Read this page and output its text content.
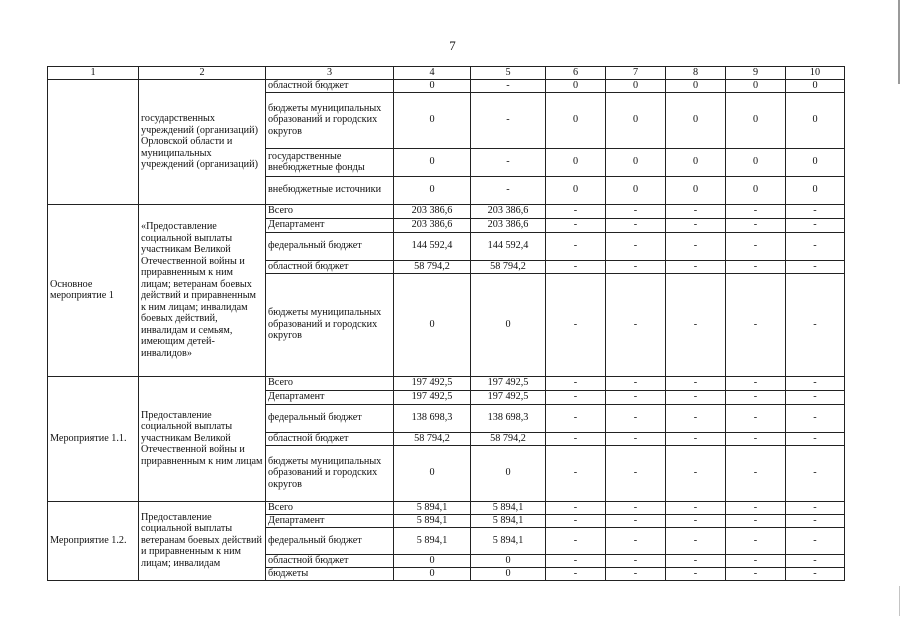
7
1	2	3	4	5	6	7	8	9	10
	государственных учреждений (организаций) Орловской области и муниципальных учреждений (организаций)	областной бюджет	0	-	0	0	0	0	0
		бюджеты муниципальных образований и городских округов	0	-	0	0	0	0	0
		государственные внебюджетные фонды	0	-	0	0	0	0	0
		внебюджетные источники	0	-	0	0	0	0	0
Основное мероприятие 1	«Предоставление социальной выплаты участникам Великой Отечественной войны и приравненным к ним лицам; ветеранам боевых действий и приравненным к ним лицам; инвалидам боевых действий, инвалидам и семьям, имеющим детей-инвалидов»	Всего	203 386,6	203 386,6	-	-	-	-	-
		Департамент	203 386,6	203 386,6	-	-	-	-	-
		федеральный бюджет	144 592,4	144 592,4	-	-	-	-	-
		областной бюджет	58 794,2	58 794,2	-	-	-	-	-
		бюджеты муниципальных образований и городских округов	0	0	-	-	-	-	-
Мероприятие 1.1.	Предоставление социальной выплаты участникам Великой Отечественной войны и приравненным к ним лицам	Всего	197 492,5	197 492,5	-	-	-	-	-
		Департамент	197 492,5	197 492,5	-	-	-	-	-
		федеральный бюджет	138 698,3	138 698,3	-	-	-	-	-
		областной бюджет	58 794,2	58 794,2	-	-	-	-	-
		бюджеты муниципальных образований и городских округов	0	0	-	-	-	-	-
Мероприятие 1.2.	Предоставление социальной выплаты ветеранам боевых действий и приравненным к ним лицам; инвалидам	Всего	5 894,1	5 894,1	-	-	-	-	-
		Департамент	5 894,1	5 894,1	-	-	-	-	-
		федеральный бюджет	5 894,1	5 894,1	-	-	-	-	-
		областной бюджет	0	0	-	-	-	-	-
		бюджеты	0	0	-	-	-	-	-
